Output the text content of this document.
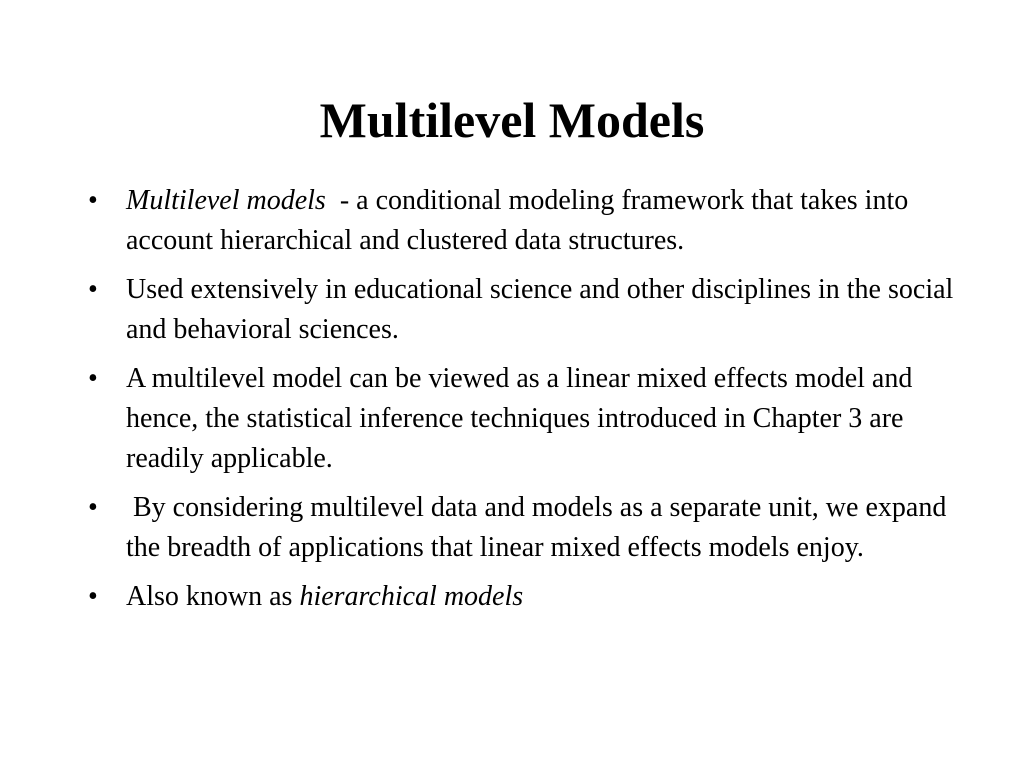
Multilevel Models
• Multilevel models  - a conditional modeling framework that takes into account hierarchical and clustered data structures.
• Used extensively in educational science and other disciplines in the social and behavioral sciences.
• A multilevel model can be viewed as a linear mixed effects model and hence, the statistical inference techniques introduced in Chapter 3 are readily applicable.
• By considering multilevel data and models as a separate unit, we expand the breadth of applications that linear mixed effects models enjoy.
• Also known as hierarchical models
